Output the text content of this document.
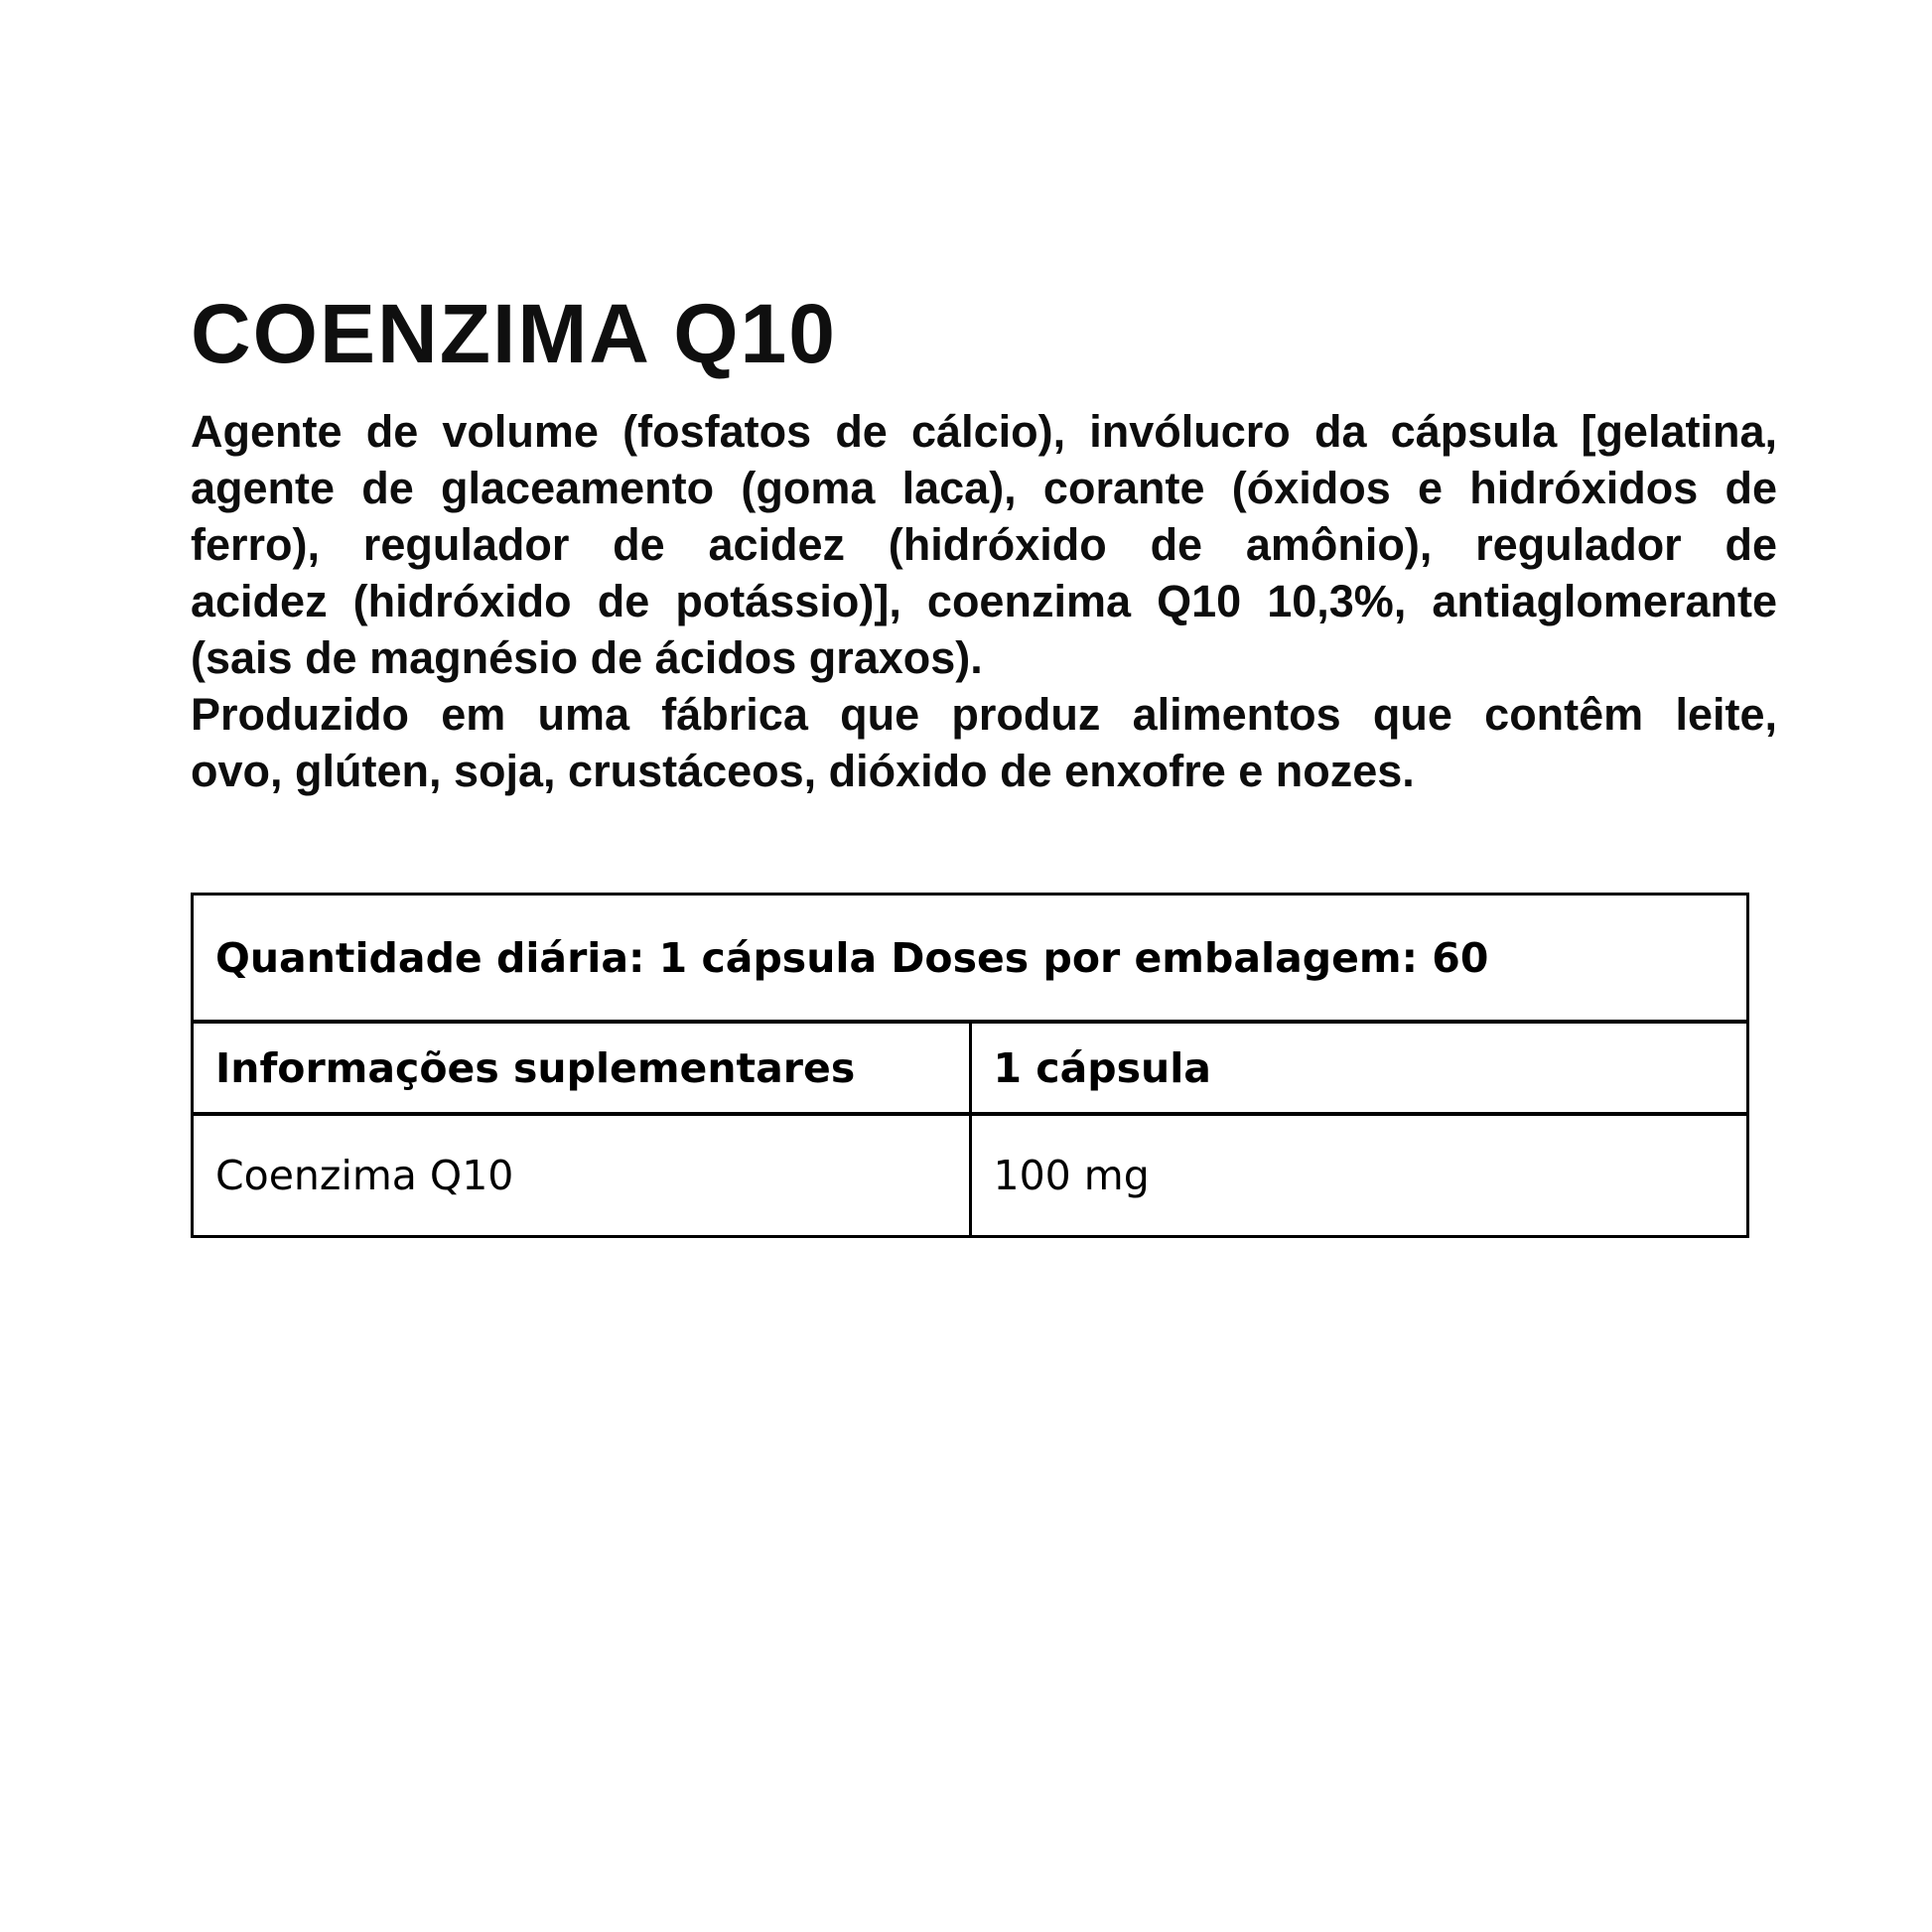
COENZIMA Q10

Agente de volume (fosfatos de cálcio), invólucro da cápsula [gelatina,
agente de glaceamento (goma laca), corante (óxidos e hidróxidos de
ferro), regulador de acidez (hidróxido de amônio), regulador de
acidez (hidróxido de potássio)], coenzima Q10 10,3%, antiaglomerante
(sais de magnésio de ácidos graxos).

Produzido em uma fábrica que produz alimentos que contêm leite,
ovo, glúten, soja, crustáceos, dióxido de enxofre e nozes.

Quantidade diária: 1 cápsula Doses por embalagem: 60	
Informações suplementares	1 cápsula
Coenzima Q10	100 mg
